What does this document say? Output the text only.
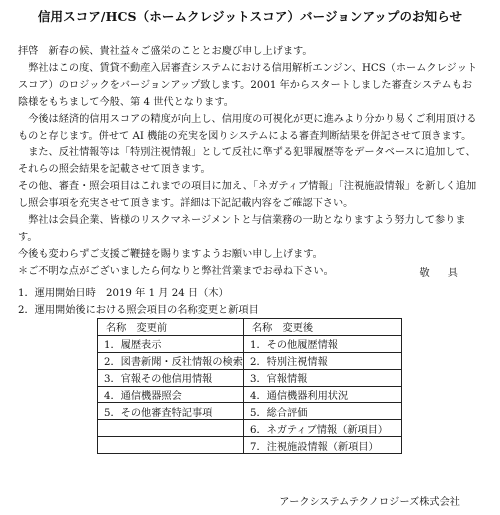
信用スコア/HCS（ホームクレジットスコア）バージョンアップのお知らせ

拝啓　新春の候、貴社益々ご盛栄のこととお慶び申し上げます。

弊社はこの度、賃貸不動産入居審査システムにおける信用解析エンジン、HCS（ホームクレジットスコア）のロジックをバージョンアップ致します。2001 年からスタートしました審査システムもお陰様をもちまして今般、第 4 世代となります。

今後は経済的信用スコアの精度が向上し、信用度の可視化が更に進みより分かり易くご利用頂けるものと存じます。併せて AI 機能の充実を図りシステムによる審査判断結果を併記させて頂きます。

また、反社情報等は「特別注視情報」として反社に準ずる犯罪履歴等をデータベースに追加して、それらの照会結果を記載させて頂きます。

その他、審査・照会項目はこれまでの項目に加え、「ネガティブ情報」「注視施設情報」を新しく追加し照会事項を充実させて頂きます。詳細は下記記載内容をご確認下さい。

弊社は会員企業、皆様のリスクマネージメントと与信業務の一助となりますよう努力して参ります。

今後も変わらずご支援ご鞭撻を賜りますようお願い申し上げます。

＊ご不明な点がございましたら何なりと弊社営業までお尋ね下さい。	敬　具
1．運用開始日時　2019 年 1 月 24 日（木）
2．運用開始後における照会項目の名称変更と新項目
名称　変更前	名称　変更後
1．履歴表示	1．その他履歴情報
2．図書新聞・反社情報の検索	2．特別注視情報
3．官報その他信用情報	3．官報情報
4．通信機器照会	4．通信機器利用状況
5．その他審査特記事項	5．総合評価
	6．ネガティブ情報（新項目）
	7．注視施設情報（新項目）
アークシステムテクノロジーズ株式会社
